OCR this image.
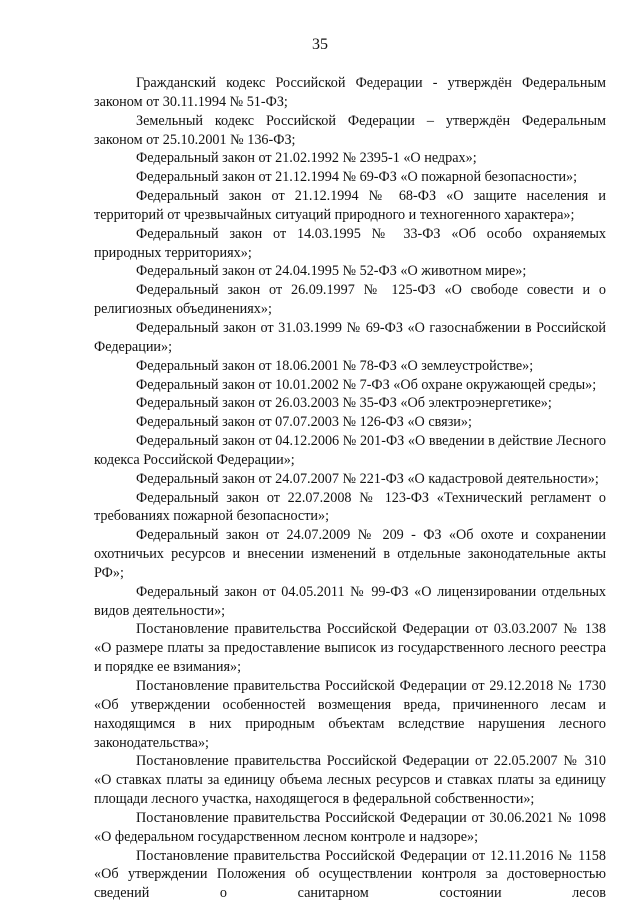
35

Гражданский кодекс Российской Федерации - утверждён Федеральным законом от 30.11.1994 № 51-ФЗ;

Земельный кодекс Российской Федерации – утверждён Федеральным законом от 25.10.2001 № 136-ФЗ;

Федеральный закон от 21.02.1992 № 2395-1 «О недрах»;

Федеральный закон от 21.12.1994 № 69-ФЗ «О пожарной безопасности»;

Федеральный закон от 21.12.1994 № 68-ФЗ «О защите населения и территорий от чрезвычайных ситуаций природного и техногенного характера»;

Федеральный закон от 14.03.1995 № 33-ФЗ «Об особо охраняемых природных территориях»;

Федеральный закон от 24.04.1995 № 52-ФЗ «О животном мире»;

Федеральный закон от 26.09.1997 № 125-ФЗ «О свободе совести и о религиозных объединениях»;

Федеральный закон от 31.03.1999 № 69-ФЗ «О газоснабжении в Российской Федерации»;

Федеральный закон от 18.06.2001 № 78-ФЗ «О землеустройстве»;

Федеральный закон от 10.01.2002 № 7-ФЗ «Об охране окружающей среды»;

Федеральный закон от 26.03.2003 № 35-ФЗ «Об электроэнергетике»;

Федеральный закон от 07.07.2003 № 126-ФЗ «О связи»;

Федеральный закон от 04.12.2006 № 201-ФЗ «О введении в действие Лесного кодекса Российской Федерации»;

Федеральный закон от 24.07.2007 № 221-ФЗ «О кадастровой деятельности»;

Федеральный закон от 22.07.2008 № 123-ФЗ «Технический регламент о требованиях пожарной безопасности»;

Федеральный закон от 24.07.2009 № 209 - ФЗ «Об охоте и сохранении охотничьих ресурсов и внесении изменений в отдельные законодательные акты РФ»;

Федеральный закон от 04.05.2011 № 99-ФЗ «О лицензировании отдельных видов деятельности»;

Постановление правительства Российской Федерации от 03.03.2007 № 138 «О размере платы за предоставление выписок из государственного лесного реестра и порядке ее взимания»;

Постановление правительства Российской Федерации от 29.12.2018 № 1730 «Об утверждении особенностей возмещения вреда, причиненного лесам и находящимся в них природным объектам вследствие нарушения лесного законодательства»;

Постановление правительства Российской Федерации от 22.05.2007 № 310 «О ставках платы за единицу объема лесных ресурсов и ставках платы за единицу площади лесного участка, находящегося в федеральной собственности»;

Постановление правительства Российской Федерации от 30.06.2021 № 1098 «О федеральном государственном лесном контроле и надзоре»;

Постановление правительства Российской Федерации от 12.11.2016 № 1158 «Об утверждении Положения об осуществлении контроля за достоверностью сведений о санитарном состоянии лесов
